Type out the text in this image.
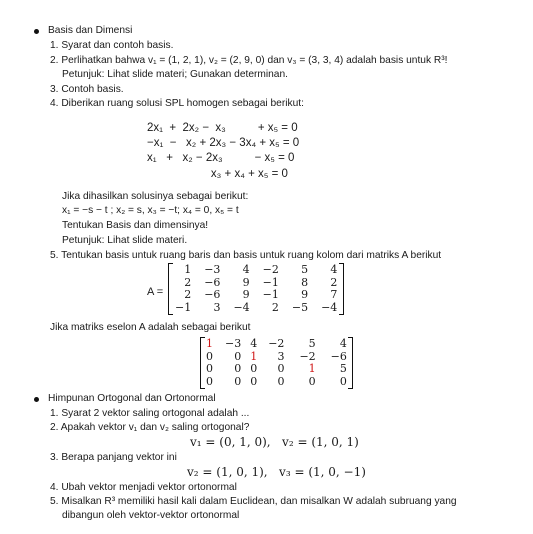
Basis dan Dimensi
1. Syarat dan contoh basis.
2. Perlihatkan bahwa v₁ = (1, 2, 1), v₂ = (2, 9, 0) dan v₃ = (3, 3, 4) adalah basis untuk R³!
Petunjuk: Lihat slide materi; Gunakan determinan.
3. Contoh basis.
4. Diberikan ruang solusi SPL homogen sebagai berikut:
2x₁  +  2x₂ −  x₃          + x₅ = 0
−x₁  −   x₂ + 2x₃ − 3x₄ + x₅ = 0
x₁   +   x₂ − 2x₃          − x₅ = 0
x₃ + x₄ + x₅ = 0
Jika dihasilkan solusinya sebagai berikut:
x₁ = −s − t ; x₂ = s, x₃ = −t; x₄ = 0, x₅ = t
Tentukan Basis dan dimensinya!
Petunjuk: Lihat slide materi.
5. Tentukan basis untuk ruang baris dan basis untuk ruang kolom dari matriks A berikut
A =
1	−3	4	−2	5	4
2	−6	9	−1	8	2
2	−6	9	−1	9	7
−1	3	−4	2	−5	−4
Jika matriks eselon A adalah sebagai berikut
1	−3	4	−2	5	4
0	0	1	3	−2	−6
0	0	0	0	1	5
0	0	0	0	0	0
Himpunan Ortogonal dan Ortonormal
1. Syarat 2 vektor saling ortogonal adalah ...
2. Apakah vektor v₁ dan v₂ saling ortogonal?
v₁ = (0, 1, 0),   v₂ = (1, 0, 1)
3. Berapa panjang vektor ini
v₂ = (1, 0, 1),   v₃ = (1, 0, −1)
4. Ubah vektor menjadi vektor ortonormal
5. Misalkan R³ memiliki hasil kali dalam Euclidean, dan misalkan W adalah subruang yang
dibangun oleh vektor-vektor ortonormal
